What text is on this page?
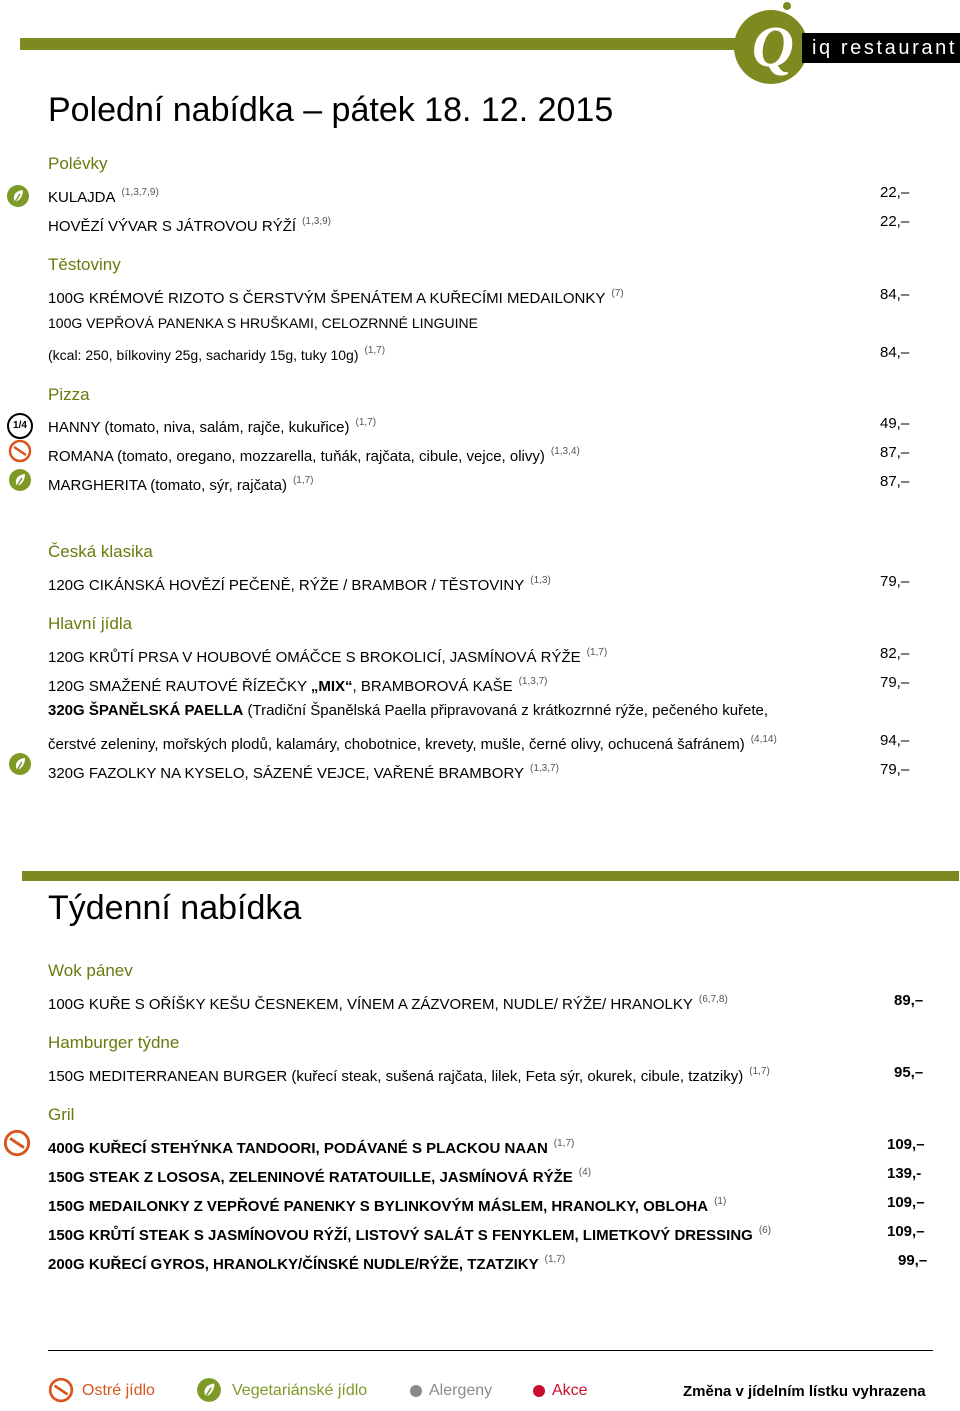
Q iq restaurant
Polední nabídka – pátek 18. 12. 2015
Polévky
KULAJDA $^{(1,3,7,9)}$	22,–
HOVĚZÍ VÝVAR S JÁTROVOU RÝŽÍ $^{(1,3,9)}$	22,–
Těstoviny
100G KRÉMOVÉ RIZOTO S ČERSTVÝM ŠPENÁTEM A KUŘECÍMI MEDAILONKY $^{(7)}$	84,–
100G VEPŘOVÁ PANENKA S HRUŠKAMI, CELOZRNNÉ LINGUINE
(kcal: 250, bílkoviny 25g, sacharidy 15g, tuky 10g) $^{(1,7)}$	84,–
Pizza
1/4	HANNY (tomato, niva, salám, rajče, kukuřice) $^{(1,7)}$	49,–
ROMANA (tomato, oregano, mozzarella, tuňák, rajčata, cibule, vejce, olivy) $^{(1,3,4)}$	87,–
MARGHERITA (tomato, sýr, rajčata) $^{(1,7)}$	87,–
Česká klasika
120G CIKÁNSKÁ HOVĚZÍ PEČENĚ, RÝŽE / BRAMBOR / TĚSTOVINY $^{(1,3)}$	79,–
Hlavní jídla
120G KRŮTÍ PRSA V HOUBOVÉ OMÁČCE S BROKOLICÍ, JASMÍNOVÁ RÝŽE $^{(1,7)}$	82,–
120G SMAŽENÉ RAUTOVÉ ŘÍZEČKY „MIX“, BRAMBOROVÁ KAŠE $^{(1,3,7)}$	79,–
320G ŠPANĚLSKÁ PAELLA (Tradiční Španělská Paella připravovaná z krátkozrnné rýže, pečeného kuřete,
čerstvé zeleniny, mořských plodů, kalamáry, chobotnice, krevety, mušle, černé olivy, ochucená šafránem) $^{(4,14)}$	94,–
320G FAZOLKY NA KYSELO, SÁZENÉ VEJCE, VAŘENÉ BRAMBORY $^{(1,3,7)}$	79,–
Týdenní nabídka
Wok pánev
100G KUŘE S OŘÍŠKY KEŠU ČESNEKEM, VÍNEM A ZÁZVOREM, NUDLE/ RÝŽE/ HRANOLKY $^{(6,7,8)}$	89,–
Hamburger týdne
150G MEDITERRANEAN BURGER (kuřecí steak, sušená rajčata, lilek, Feta sýr, okurek, cibule, tzatziky) $^{(1,7)}$	95,–
Gril
400G KUŘECÍ STEHÝNKA TANDOORI, PODÁVANÉ S PLACKOU NAAN $^{(1,7)}$	109,–
150G STEAK Z LOSOSA, ZELENINOVÉ RATATOUILLE, JASMÍNOVÁ RÝŽE $^{(4)}$	139,-
150G MEDAILONKY Z VEPŘOVÉ PANENKY S BYLINKOVÝM MÁSLEM, HRANOLKY, OBLOHA $^{(1)}$	109,–
150G KRŮTÍ STEAK S JASMÍNOVOU RÝŽÍ, LISTOVÝ SALÁT S FENYKLEM, LIMETKOVÝ DRESSING $^{(6)}$	109,–
200G KUŘECÍ GYROS, HRANOLKY/ČÍNSKÉ NUDLE/RÝŽE, TZATZIKY $^{(1,7)}$	99,–
Ostré jídlo	Vegetariánské jídlo	Alergeny	Akce	Změna v jídelním lístku vyhrazena
